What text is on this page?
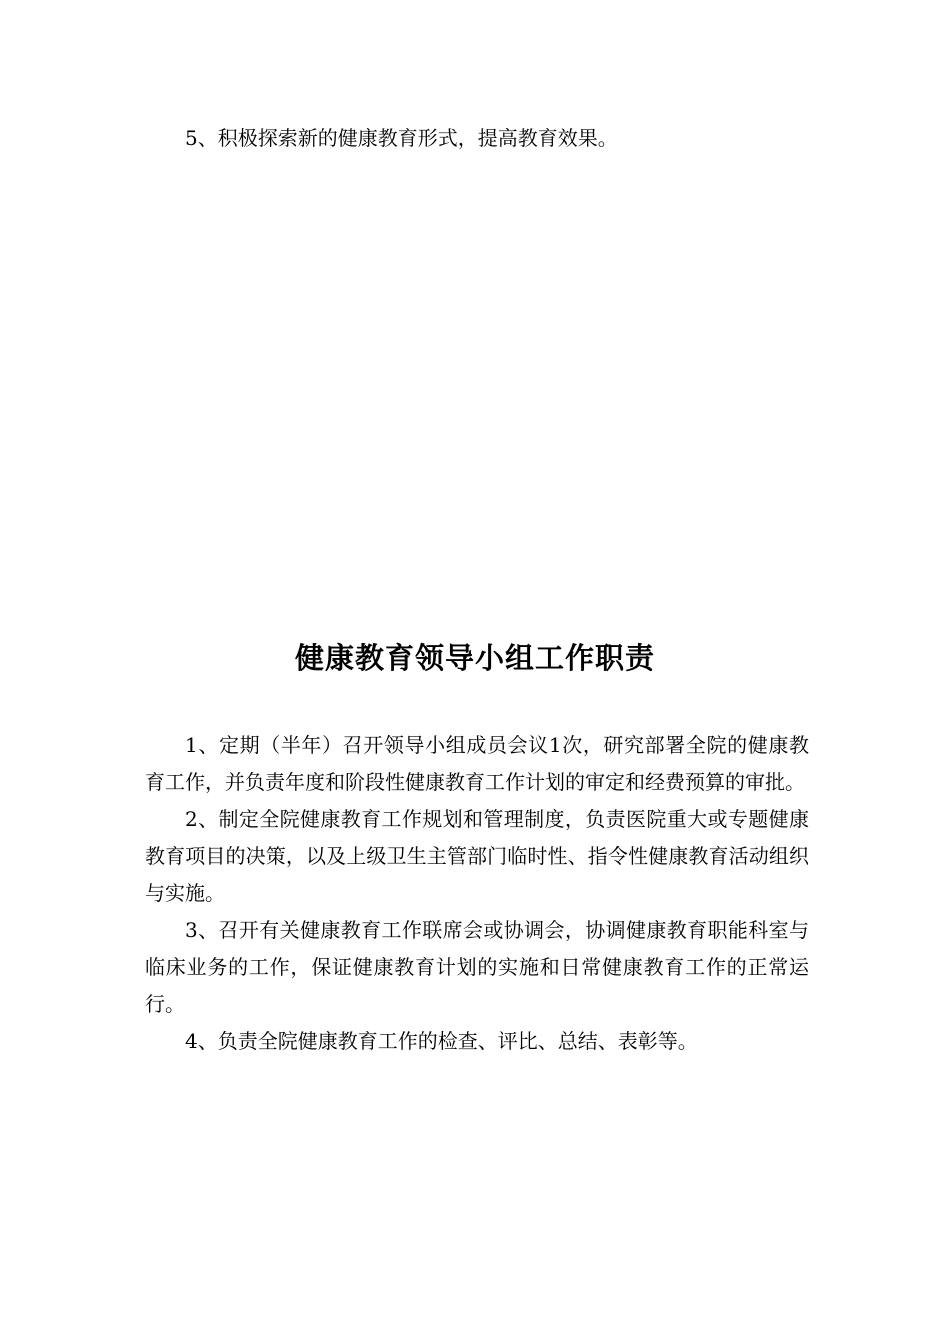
5、积极探索新的健康教育形式，提高教育效果。

健康教育领导小组工作职责

1、定期（半年）召开领导小组成员会议1次，研究部署全院的健康教育工作，并负责年度和阶段性健康教育工作计划的审定和经费预算的审批。

2、制定全院健康教育工作规划和管理制度，负责医院重大或专题健康教育项目的决策，以及上级卫生主管部门临时性、指令性健康教育活动组织与实施。

3、召开有关健康教育工作联席会或协调会，协调健康教育职能科室与临床业务的工作，保证健康教育计划的实施和日常健康教育工作的正常运行。

4、负责全院健康教育工作的检查、评比、总结、表彰等。
